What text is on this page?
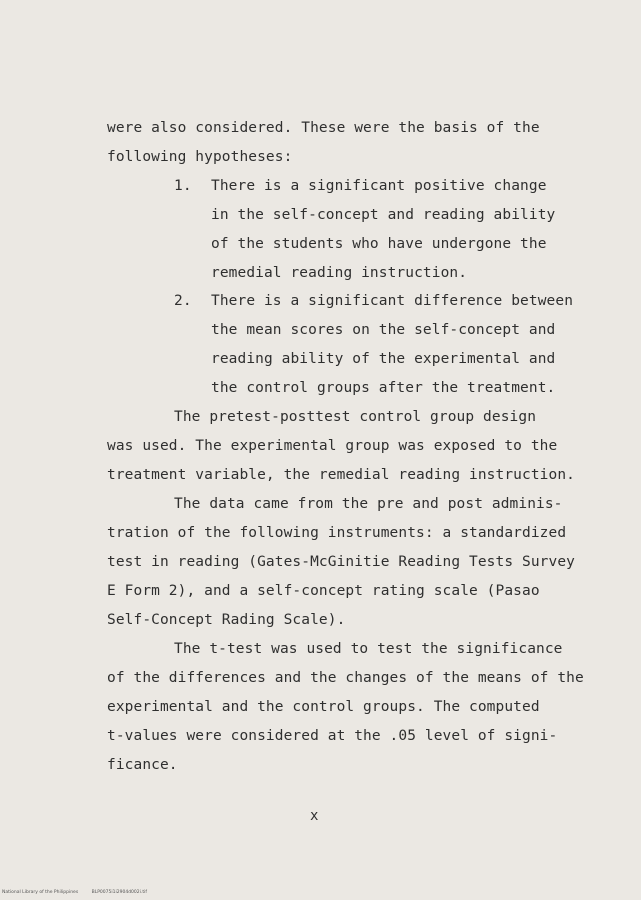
were also considered. These were the basis of the
following hypotheses:
1. There is a significant positive change
in the self-concept and reading ability
of the students who have undergone the
remedial reading instruction.
2. There is a significant difference between
the mean scores on the self-concept and
reading ability of the experimental and
the control groups after the treatment.
The pretest-posttest control group design
was used. The experimental group was exposed to the
treatment variable, the remedial reading instruction.
The data came from the pre and post adminis-
tration of the following instruments: a standardized
test in reading (Gates-McGinitie Reading Tests Survey
E Form 2), and a self-concept rating scale (Pasao
Self-Concept Rading Scale).
The t-test was used to test the significance
of the differences and the changes of the means of the
experimental and the control groups. The computed
t-values were considered at the .05 level of signi-
ficance.
x
National Library of the Philippines	BLP0075i1i2904d002i.tif
